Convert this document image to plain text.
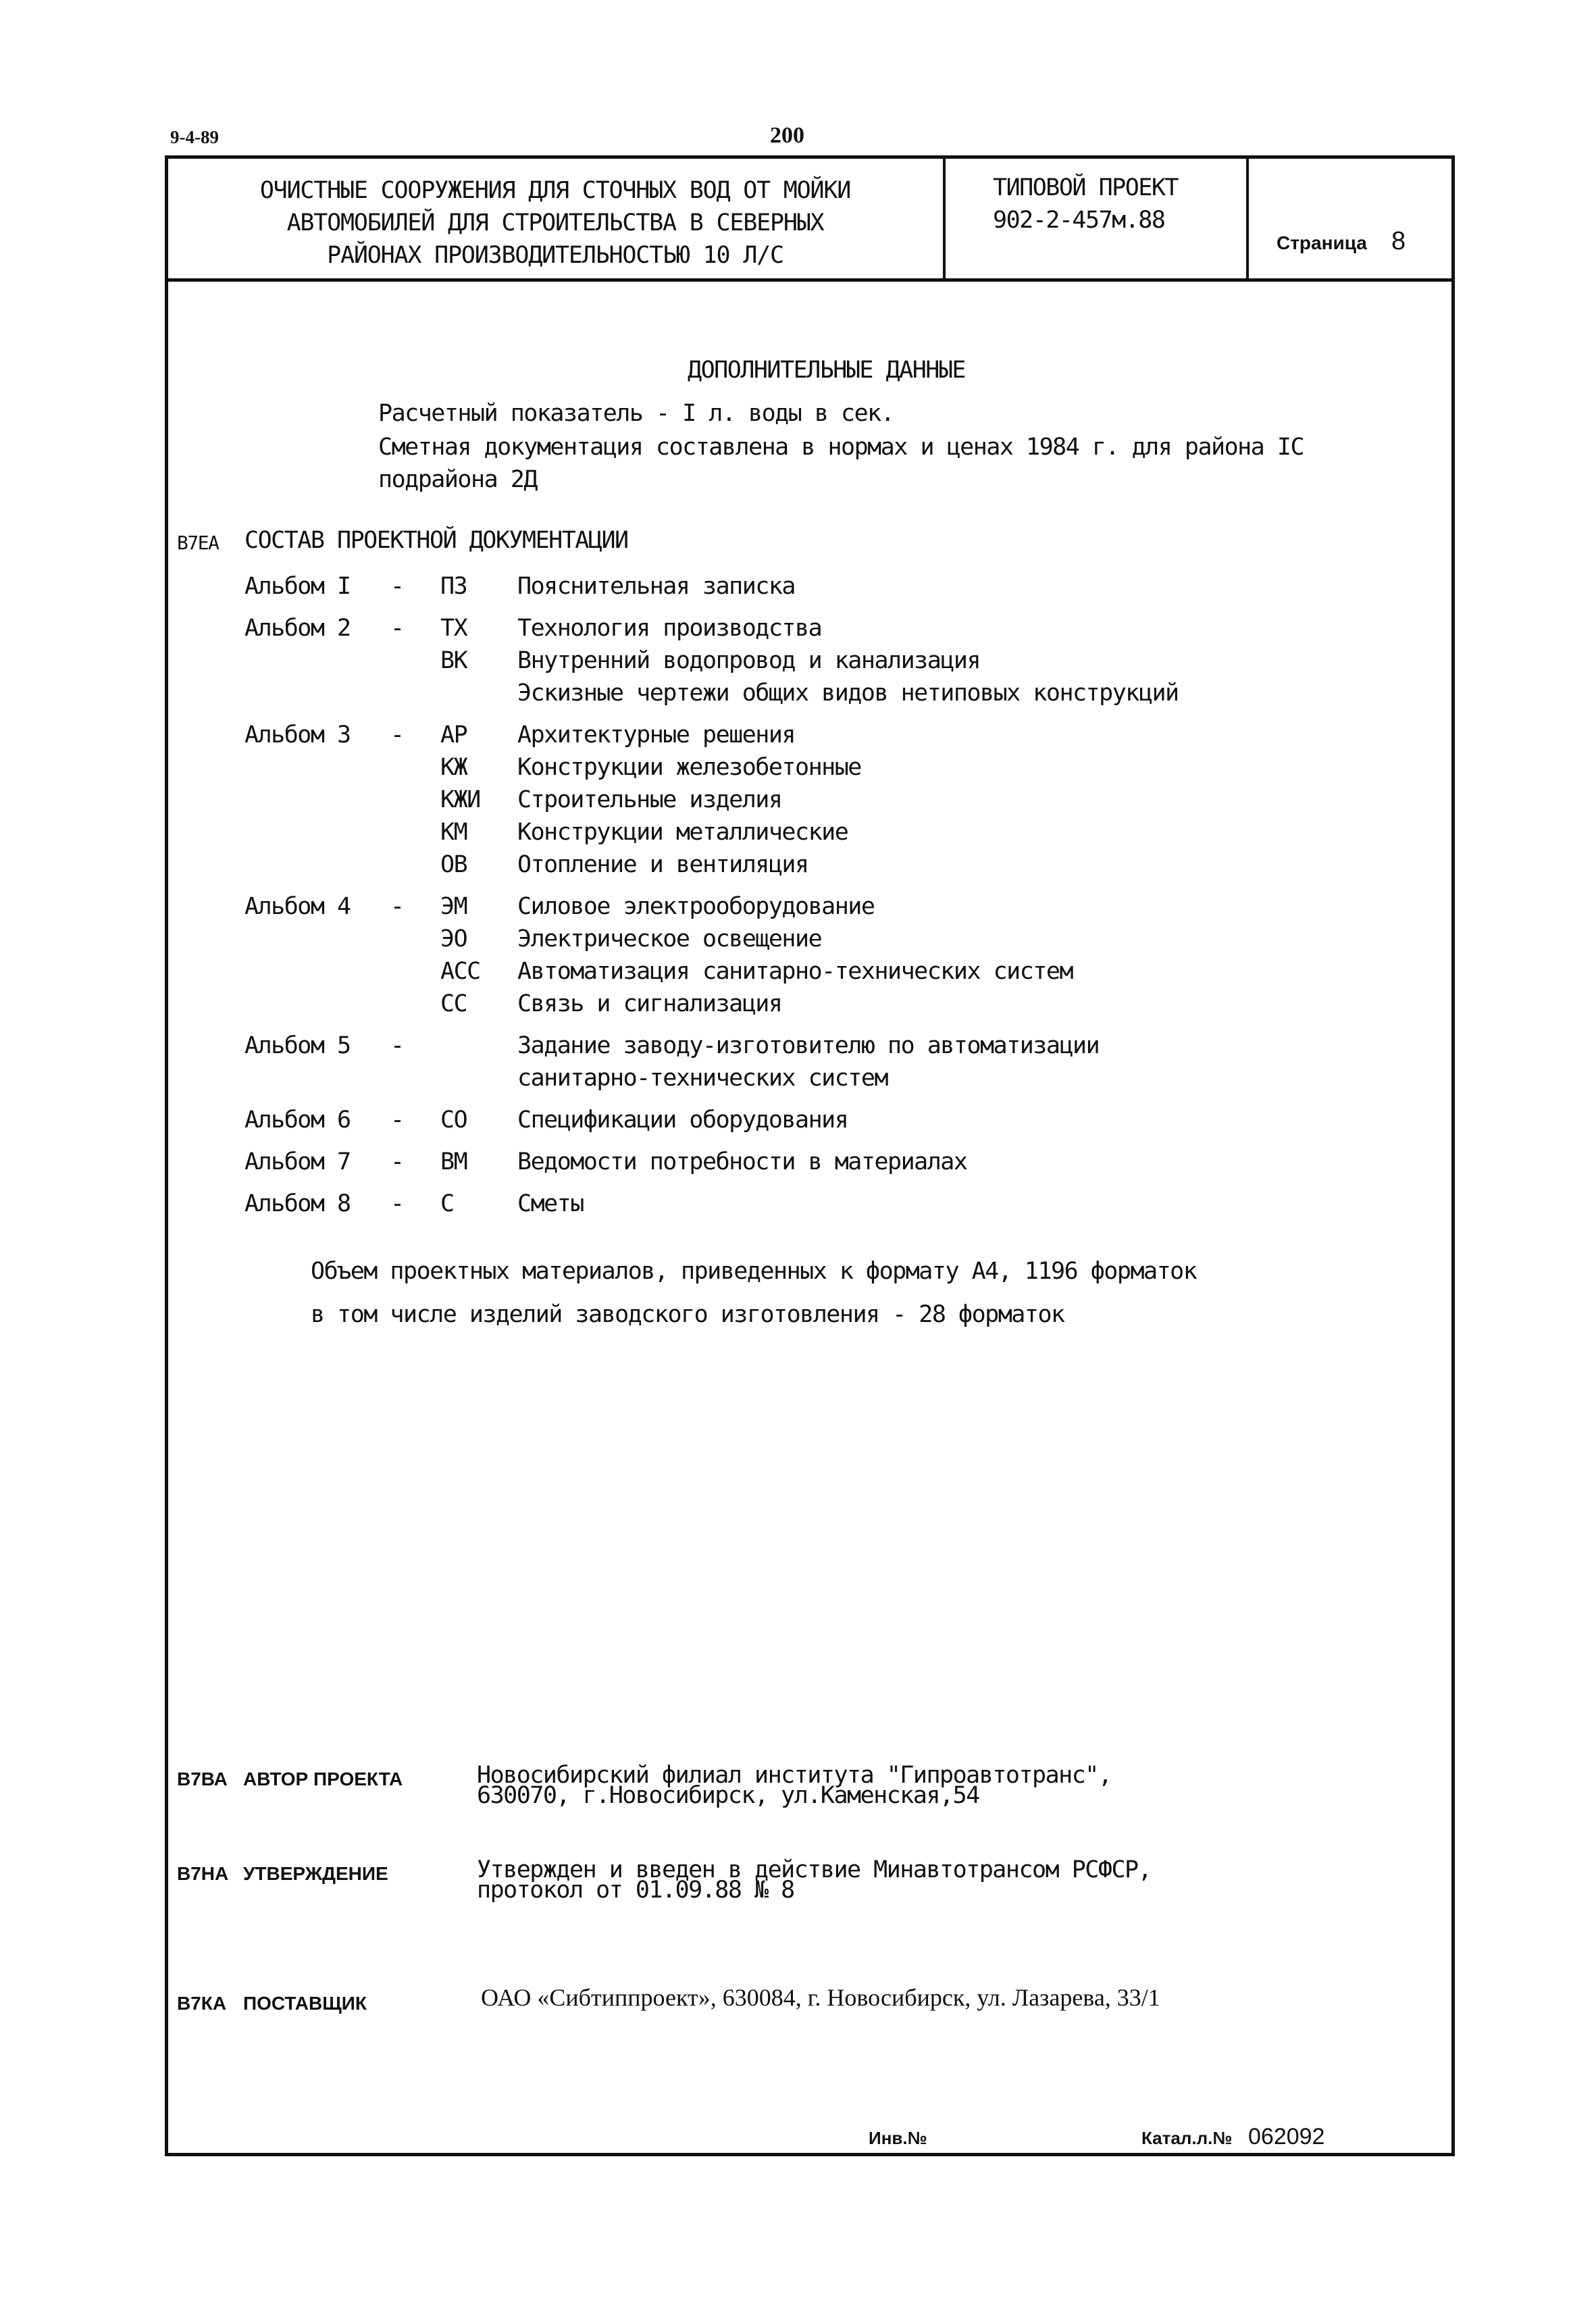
9-4-89	200
ОЧИСТНЫЕ СООРУЖЕНИЯ ДЛЯ СТОЧНЫХ ВОД ОТ МОЙКИ
АВТОМОБИЛЕЙ ДЛЯ СТРОИТЕЛЬСТВА В СЕВЕРНЫХ
РАЙОНАХ ПРОИЗВОДИТЕЛЬНОСТЬЮ 10 Л/С
ТИПОВОЙ ПРОЕКТ
902-2-457м.88
Страница 8
ДОПОЛНИТЕЛЬНЫЕ ДАННЫЕ
Расчетный показатель - I л. воды в сек.
Сметная документация составлена в нормах и ценах 1984 г. для района IC
подрайона 2Д
В7ЕА СОСТАВ ПРОЕКТНОЙ ДОКУМЕНТАЦИИ
Альбом I - ПЗ Пояснительная записка
Альбом 2 - ТХ Технология производства
ВК Внутренний водопровод и канализация
Эскизные чертежи общих видов нетиповых конструкций
Альбом 3 - АР Архитектурные решения
КЖ Конструкции железобетонные
КЖИ Строительные изделия
КМ Конструкции металлические
ОВ Отопление и вентиляция
Альбом 4 - ЭМ Силовое электрооборудование
ЭО Электрическое освещение
АСС Автоматизация санитарно-технических систем
СС Связь и сигнализация
Альбом 5 -	Задание заводу-изготовителю по автоматизации
санитарно-технических систем
Альбом 6 - СО Спецификации оборудования
Альбом 7 - ВМ Ведомости потребности в материалах
Альбом 8 - С	Сметы
Объем проектных материалов, приведенных к формату А4, 1196 форматок
в том числе изделий заводского изготовления - 28 форматок
В7ВА АВТОР ПРОЕКТА	Новосибирский филиал института "Гипроавтотранс",
630070, г.Новосибирск, ул.Каменская,54
В7НА УТВЕРЖДЕНИЕ	Утвержден и введен в действие Минавтотрансом РСФСР,
протокол от 01.09.88 № 8
В7КА ПОСТАВЩИК	ОАО «Сибтиппроект», 630084, г. Новосибирск, ул. Лазарева, 33/1
Инв.№	Катал.л.№ 062092
